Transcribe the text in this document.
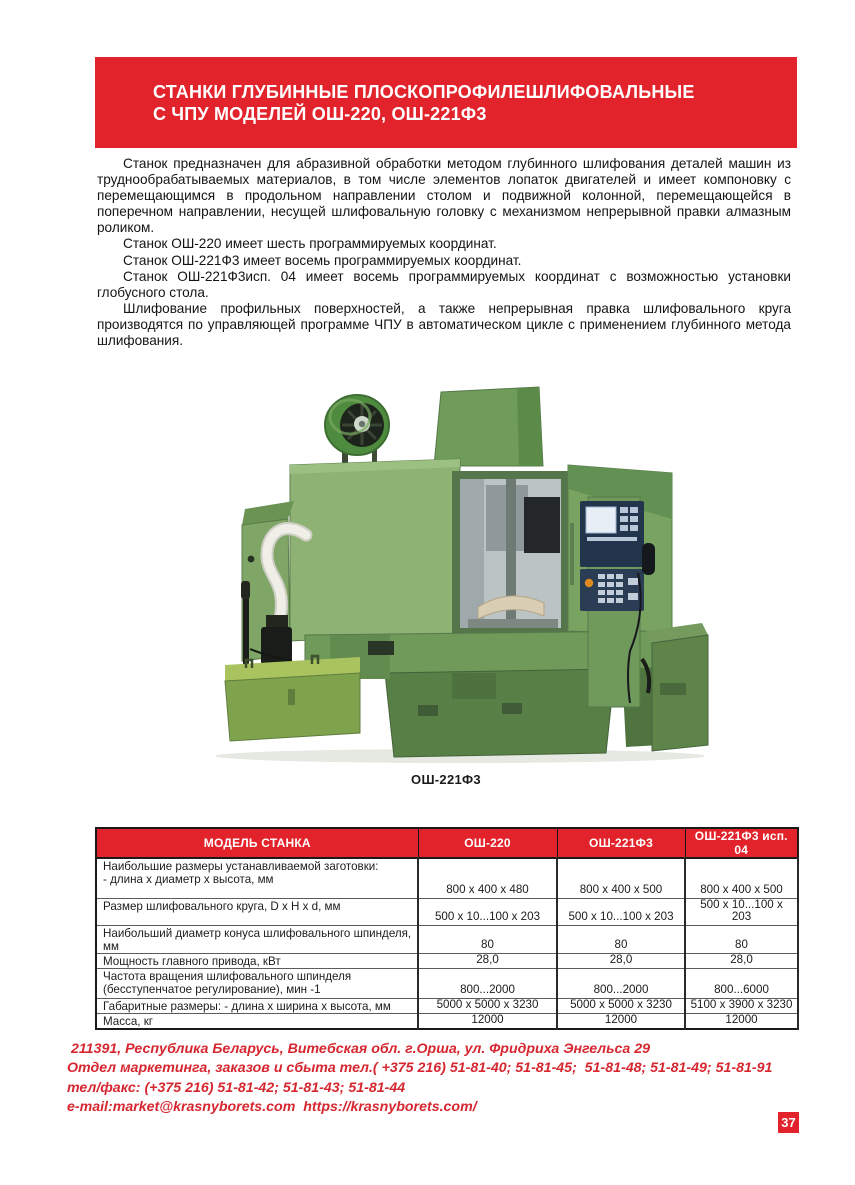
СТАНКИ ГЛУБИННЫЕ ПЛОСКОПРОФИЛЕШЛИФОВАЛЬНЫЕ
С ЧПУ МОДЕЛЕЙ ОШ-220, ОШ-221Ф3

Станок предназначен для абразивной обработки методом глубинного шлифования деталей машин из труднообрабатываемых материалов, в том числе элементов лопаток двигателей и имеет компоновку с перемещающимся в продольном направлении столом и подвижной колонной, перемещающейся в поперечном направлении, несущей шлифовальную головку с механизмом непрерывной правки алмазным роликом.

Станок ОШ-220 имеет шесть программируемых координат.

Станок ОШ-221Ф3 имеет восемь программируемых координат.

Станок ОШ-221Ф3исп. 04 имеет восемь программируемых координат с возможностью установки глобусного стола.

Шлифование профильных поверхностей, а также непрерывная правка шлифовального круга производятся по управляющей программе ЧПУ в автоматическом цикле с применением глубинного метода шлифования.

ОШ-221Ф3
МОДЕЛЬ СТАНКА	ОШ-220	ОШ-221Ф3	ОШ-221Ф3 исп. 04
Наибольшие размеры устанавливаемой заготовки:
- длина х диаметр х высота, мм	800 х 400 х 480	800 х 400 х 500	800 х 400 х 500
Размер шлифовального круга, D х Н х d, мм	500 х 10...100 х 203	500 х 10...100 х 203	500 х 10...100 х 203
Наибольший диаметр конуса шлифовального шпинделя, мм	80	80	80
Мощность главного привода, кВт	28,0	28,0	28,0
Частота вращения шлифовального шпинделя
(бесступенчатое регулирование), мин -1	800...2000	800...2000	800...6000
Габаритные размеры: - длина х ширина х высота, мм	5000 х 5000 х 3230	5000 х 5000 х 3230	5100 х 3900 х 3230
Масса, кг	12000	12000	12000
211391, Республика Беларусь, Витебская обл. г.Орша, ул. Фридриха Энгельса 29
Отдел маркетинга, заказов и сбыта тел.( +375 216) 51-81-40; 51-81-45;  51-81-48; 51-81-49; 51-81-91
тел/факс: (+375 216) 51-81-42; 51-81-43; 51-81-44
e-mail:market@krasnyborets.com  https://krasnyborets.com/
37
